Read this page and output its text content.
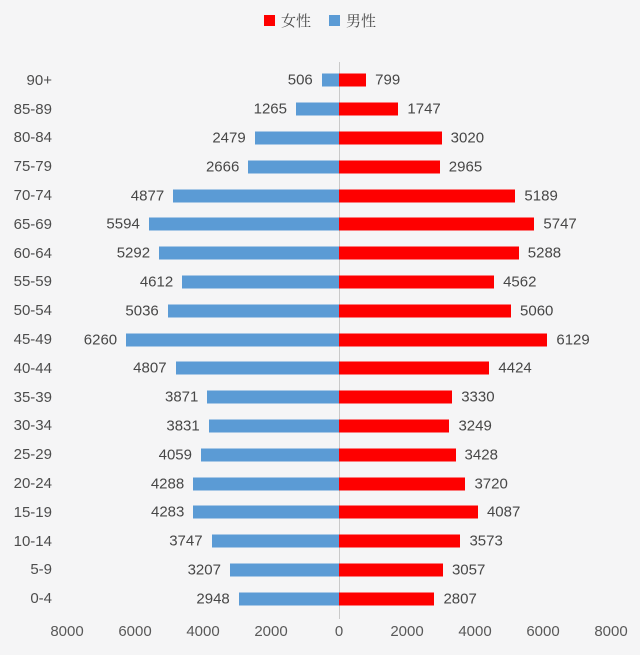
女性 男性
90+	506	799
85-89	1265	1747
80-84	2479	3020
75-79	2666	2965
70-74	4877	5189
65-69	5594	5747
60-64	5292	5288
55-59	4612	4562
50-54	5036	5060
45-49 6260	6129
40-44	4807	4424
35-39	3871	3330
30-34	3831	3249
25-29	4059	3428
20-24	4288	3720
15-19	4283	4087
10-14	3747	3573
5-9	3207	3057
0-4	2948	2807
8000 6000 4000 2000	0	2000 4000 6000 8000
